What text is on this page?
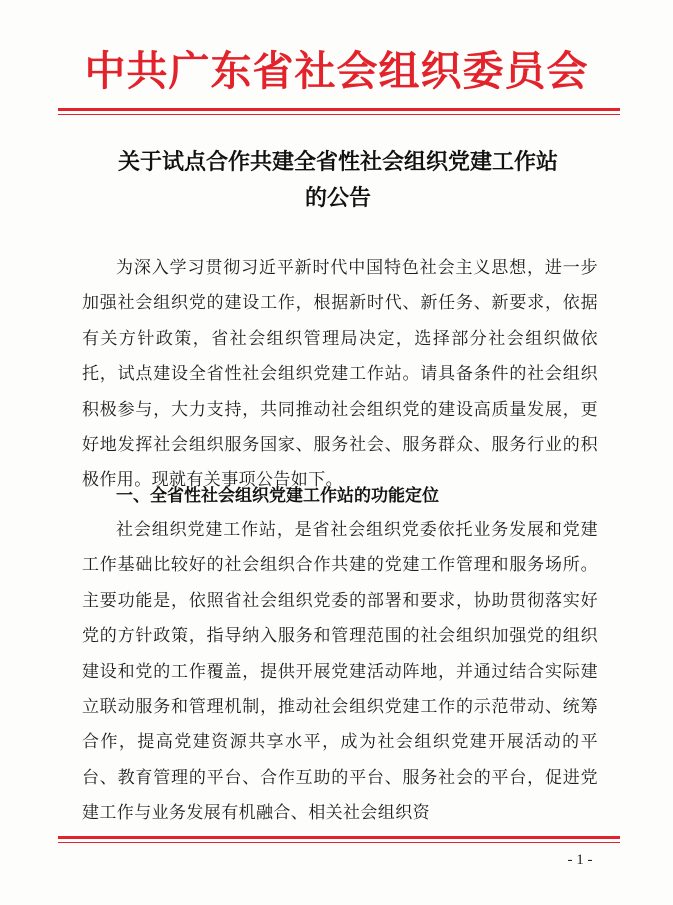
中共广东省社会组织委员会
关于试点合作共建全省性社会组织党建工作站
的公告

为深入学习贯彻习近平新时代中国特色社会主义思想，进一步加强社会组织党的建设工作，根据新时代、新任务、新要求，依据有关方针政策，省社会组织管理局决定，选择部分社会组织做依托，试点建设全省性社会组织党建工作站。请具备条件的社会组织积极参与，大力支持，共同推动社会组织党的建设高质量发展，更好地发挥社会组织服务国家、服务社会、服务群众、服务行业的积极作用。现就有关事项公告如下。

一、全省性社会组织党建工作站的功能定位

社会组织党建工作站，是省社会组织党委依托业务发展和党建工作基础比较好的社会组织合作共建的党建工作管理和服务场所。主要功能是，依照省社会组织党委的部署和要求，协助贯彻落实好党的方针政策，指导纳入服务和管理范围的社会组织加强党的组织建设和党的工作覆盖，提供开展党建活动阵地，并通过结合实际建立联动服务和管理机制，推动社会组织党建工作的示范带动、统筹合作，提高党建资源共享水平，成为社会组织党建开展活动的平台、教育管理的平台、合作互助的平台、服务社会的平台，促进党建工作与业务发展有机融合、相关社会组织资

- 1 -
